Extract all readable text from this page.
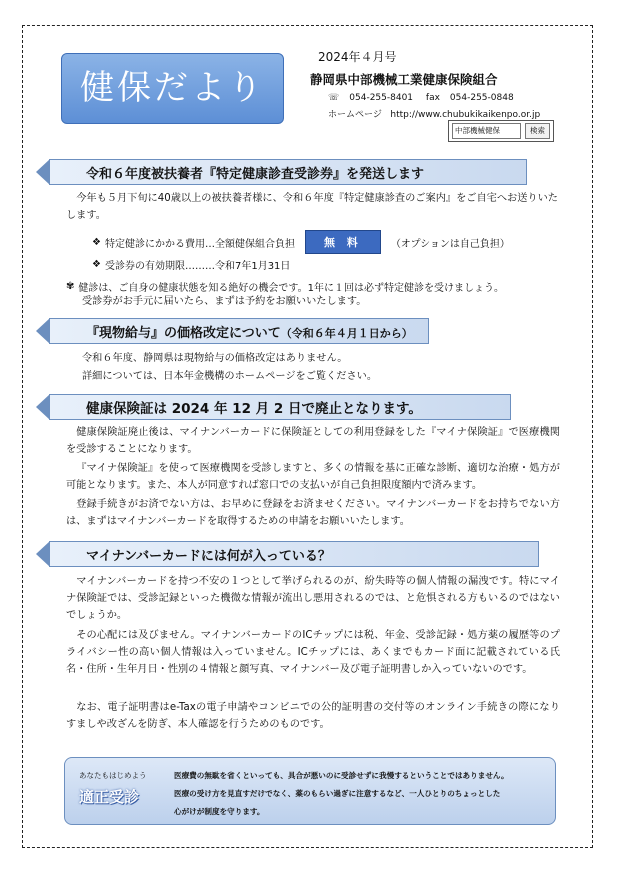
健保だより
2024年４月号
静岡県中部機械工業健康保険組合
☏ 054-255-8401 fax 054-255-0848
ホームページ http://www.chubukikaikenpo.or.jp
中部機械健保	検索
令和６年度被扶養者『特定健康診査受診券』を発送します
今年も５月下旬に40歳以上の被扶養者様に、令和６年度『特定健康診査のご案内』をご自宅へお送りいたします。
❖ 特定健診にかかる費用…全額健保組合負担	無 料	（オプションは自己負担）
❖ 受診券の有効期限………令和7年1月31日
✾ 健診は、ご自身の健康状態を知る絶好の機会です。1年に１回は必ず特定健診を受けましょう。
受診券がお手元に届いたら、まずは予約をお願いいたします。
『現物給与』の価格改定について（令和６年４月１日から）
令和６年度、静岡県は現物給与の価格改定はありません。
詳細については、日本年金機構のホームページをご覧ください。
健康保険証は 2024 年 12 月 2 日で廃止となります。
健康保険証廃止後は、マイナンバーカードに保険証としての利用登録をした『マイナ保険証』で医療機関を受診することになります。
『マイナ保険証』を使って医療機関を受診しますと、多くの情報を基に正確な診断、適切な治療・処方が可能となります。また、本人が同意すれば窓口での支払いが自己負担限度額内で済みます。
登録手続きがお済でない方は、お早めに登録をお済ませください。マイナンバーカードをお持ちでない方は、まずはマイナンバーカードを取得するための申請をお願いいたします。
マイナンバーカードには何が入っている？
マイナンバーカードを持つ不安の１つとして挙げられるのが、紛失時等の個人情報の漏洩です。特にマイナ保険証では、受診記録といった機微な情報が流出し悪用されるのでは、と危惧される方もいるのではないでしょうか。
その心配には及びません。マイナンバーカードのICチップには税、年金、受診記録・処方薬の履歴等のプライバシー性の高い個人情報は入っていません。ICチップには、あくまでもカード面に記載されている氏名・住所・生年月日・性別の４情報と顔写真、マイナンバー及び電子証明書しか入っていないのです。
なお、電子証明書はe-Taxの電子申請やコンビニでの公的証明書の交付等のオンライン手続きの際になりすましや改ざんを防ぎ、本人確認を行うためのものです。
あなたもはじめよう
適正受診
医療費の無駄を省くといっても、具合が悪いのに受診せずに我慢するということではありません。
医療の受け方を見直すだけでなく、薬のもらい過ぎに注意するなど、一人ひとりのちょっとした
心がけが制度を守ります。
